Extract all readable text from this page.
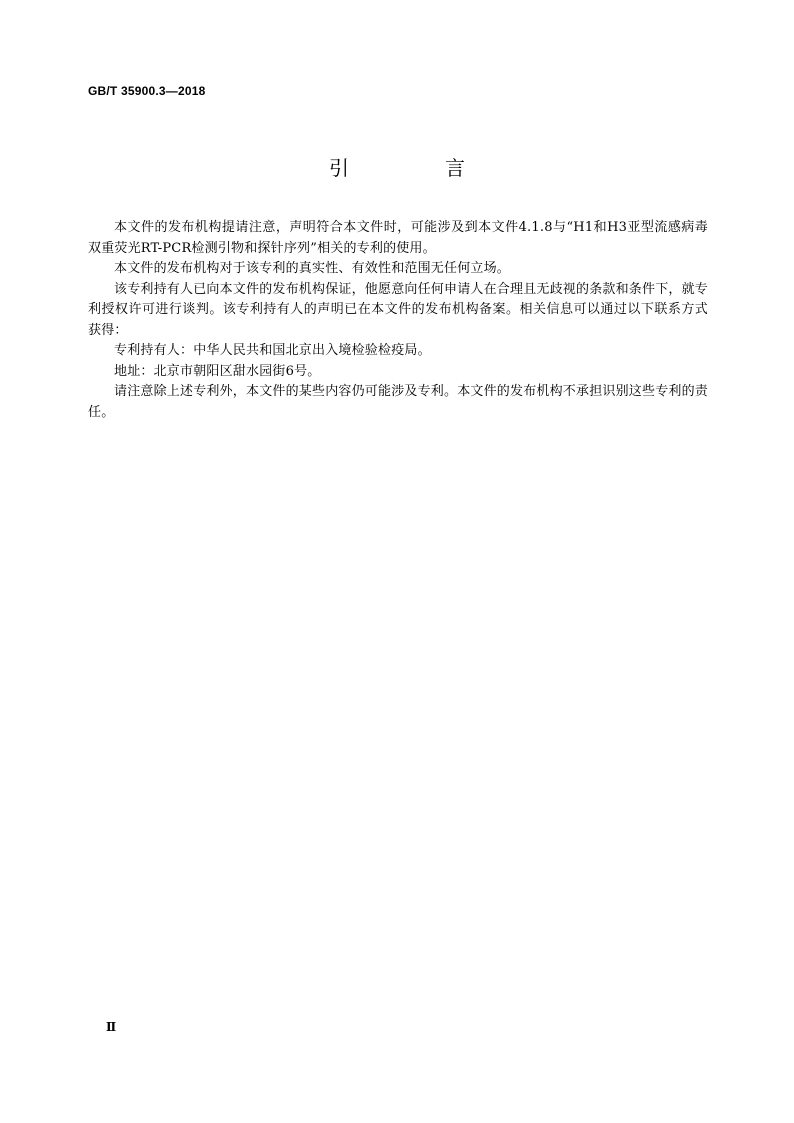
GB/T 35900.3—2018
引　言

本文件的发布机构提请注意，声明符合本文件时，可能涉及到本文件4.1.8与“H1和H3亚型流感病毒双重荧光RT-PCR检测引物和探针序列”相关的专利的使用。

本文件的发布机构对于该专利的真实性、有效性和范围无任何立场。

该专利持有人已向本文件的发布机构保证，他愿意向任何申请人在合理且无歧视的条款和条件下，就专利授权许可进行谈判。该专利持有人的声明已在本文件的发布机构备案。相关信息可以通过以下联系方式获得：

专利持有人：中华人民共和国北京出入境检验检疫局。

地址：北京市朝阳区甜水园街6号。

请注意除上述专利外，本文件的某些内容仍可能涉及专利。本文件的发布机构不承担识别这些专利的责任。

Ⅱ
